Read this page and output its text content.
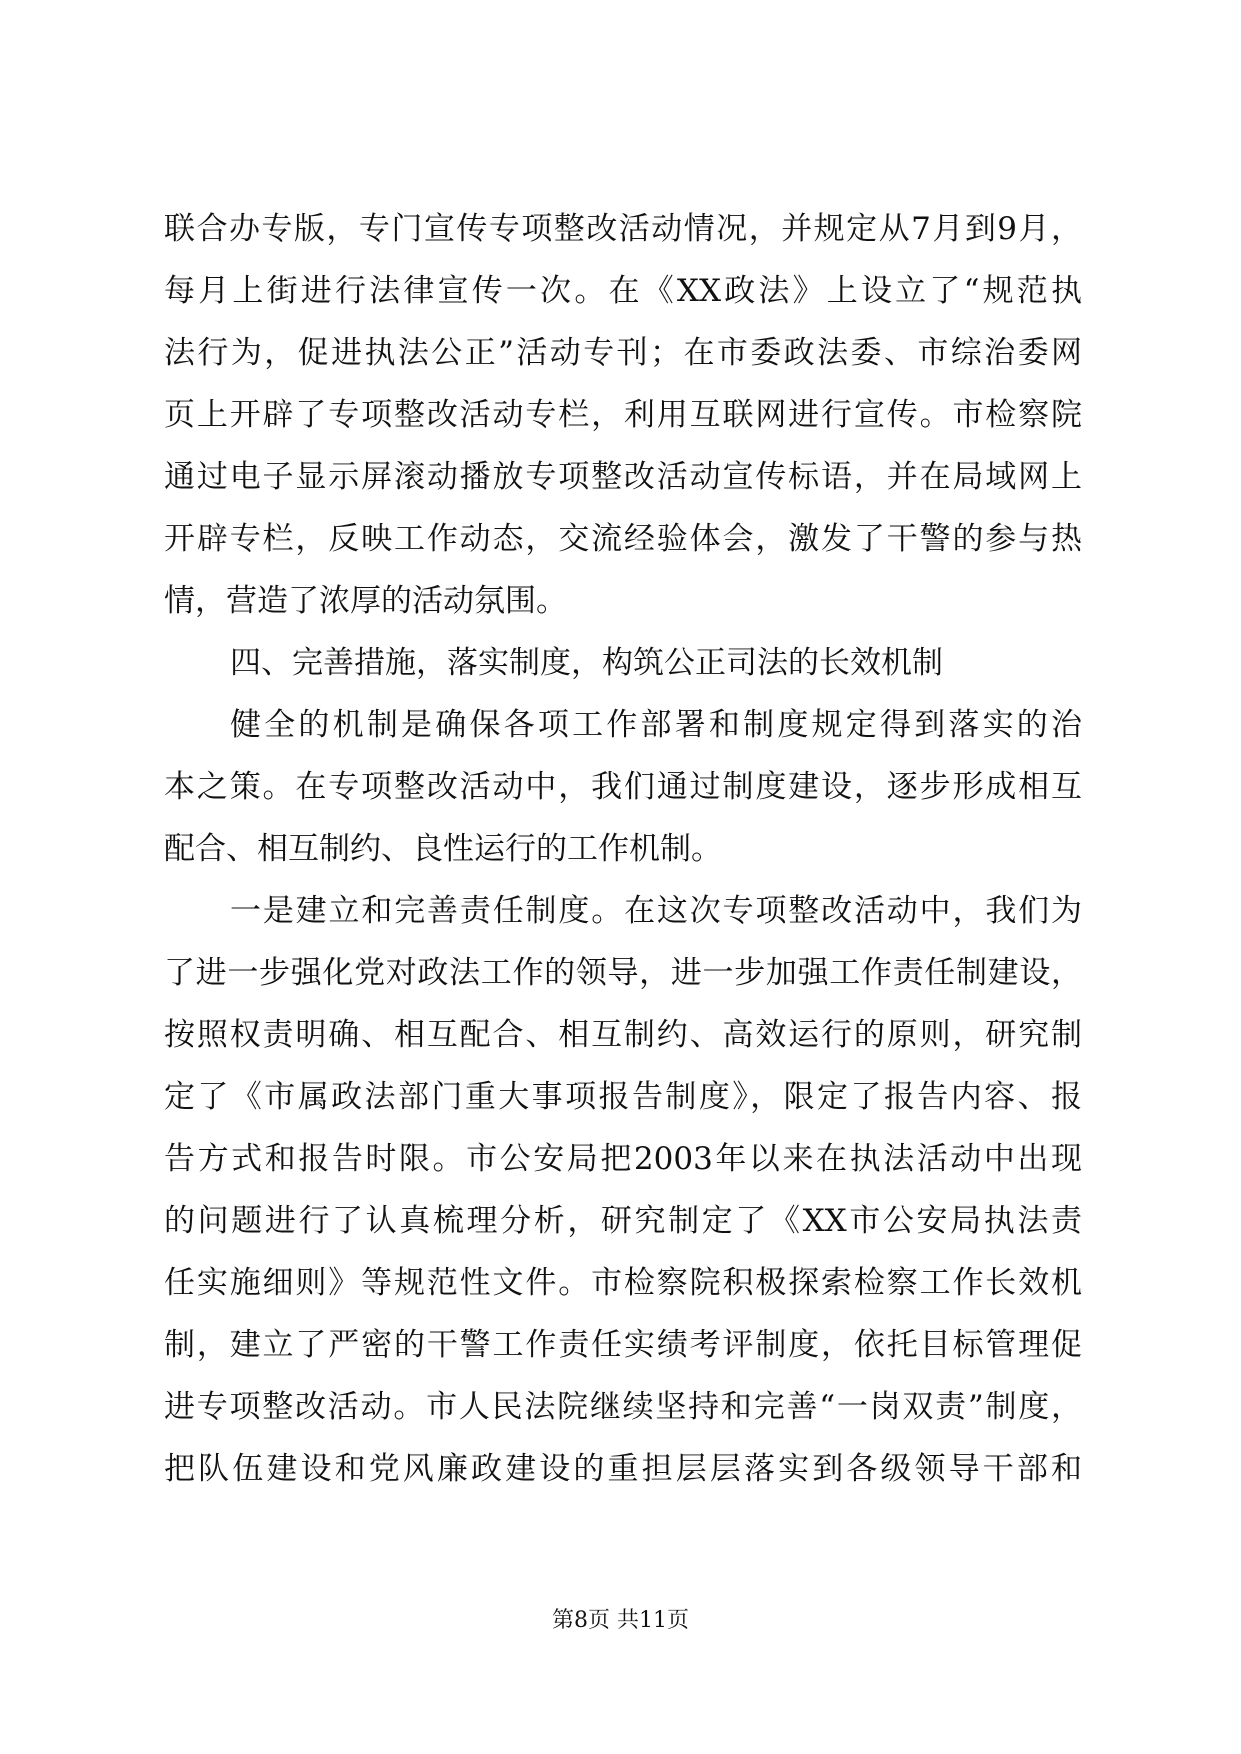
联合办专版，专门宣传专项整改活动情况，并规定从7月到9月，
每月上街进行法律宣传一次。在《XX政法》上设立了“规范执
法行为，促进执法公正”活动专刊；在市委政法委、市综治委网
页上开辟了专项整改活动专栏，利用互联网进行宣传。市检察院
通过电子显示屏滚动播放专项整改活动宣传标语，并在局域网上
开辟专栏，反映工作动态，交流经验体会，激发了干警的参与热
情，营造了浓厚的活动氛围。
四、完善措施，落实制度，构筑公正司法的长效机制
健全的机制是确保各项工作部署和制度规定得到落实的治
本之策。在专项整改活动中，我们通过制度建设，逐步形成相互
配合、相互制约、良性运行的工作机制。
一是建立和完善责任制度。在这次专项整改活动中，我们为
了进一步强化党对政法工作的领导，进一步加强工作责任制建设，
按照权责明确、相互配合、相互制约、高效运行的原则，研究制
定了《市属政法部门重大事项报告制度》，限定了报告内容、报
告方式和报告时限。市公安局把2003年以来在执法活动中出现
的问题进行了认真梳理分析，研究制定了《XX市公安局执法责
任实施细则》等规范性文件。市检察院积极探索检察工作长效机
制，建立了严密的干警工作责任实绩考评制度，依托目标管理促
进专项整改活动。市人民法院继续坚持和完善“一岗双责”制度，
把队伍建设和党风廉政建设的重担层层落实到各级领导干部和
第8页 共11页
